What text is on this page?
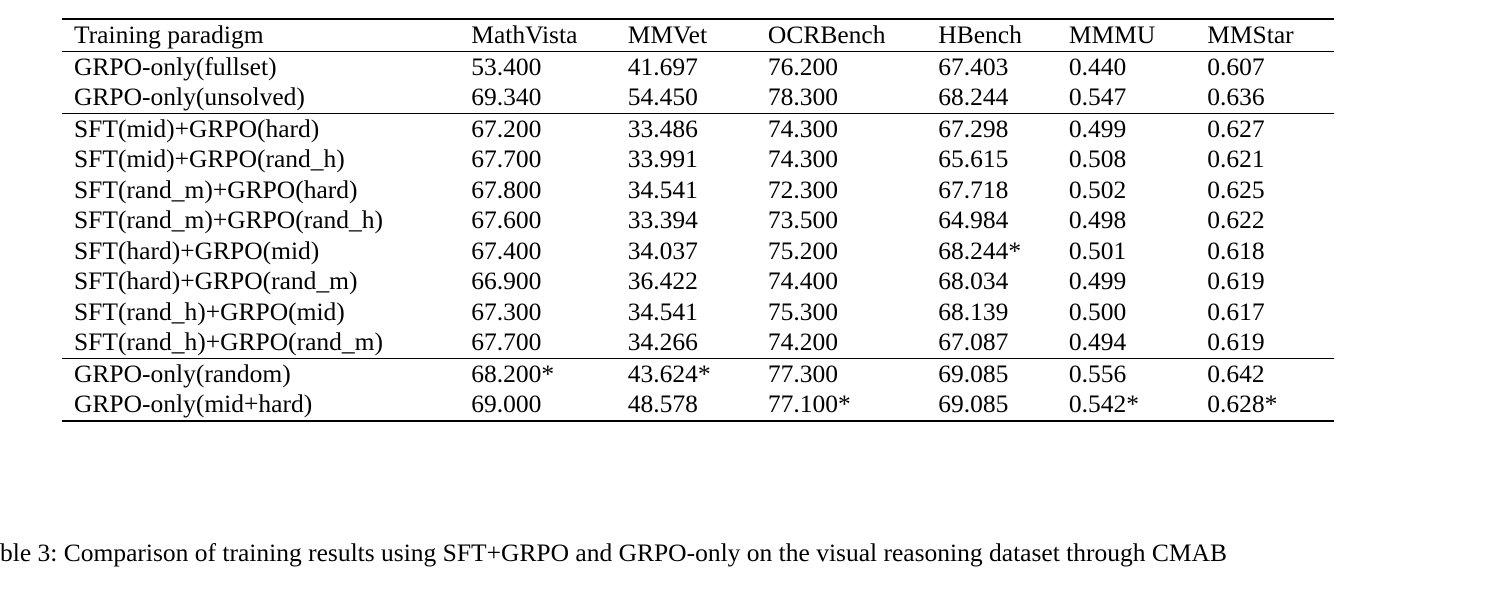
Training paradigm	MathVista	MMVet	OCRBench	HBench	MMMU	MMStar
GRPO-only(fullset)	53.400	41.697	76.200	67.403	0.440	0.607
GRPO-only(unsolved)	69.340	54.450	78.300	68.244	0.547	0.636
SFT(mid)+GRPO(hard)	67.200	33.486	74.300	67.298	0.499	0.627
SFT(mid)+GRPO(rand_h)	67.700	33.991	74.300	65.615	0.508	0.621
SFT(rand_m)+GRPO(hard)	67.800	34.541	72.300	67.718	0.502	0.625
SFT(rand_m)+GRPO(rand_h)	67.600	33.394	73.500	64.984	0.498	0.622
SFT(hard)+GRPO(mid)	67.400	34.037	75.200	68.244*	0.501	0.618
SFT(hard)+GRPO(rand_m)	66.900	36.422	74.400	68.034	0.499	0.619
SFT(rand_h)+GRPO(mid)	67.300	34.541	75.300	68.139	0.500	0.617
SFT(rand_h)+GRPO(rand_m)	67.700	34.266	74.200	67.087	0.494	0.619
GRPO-only(random)	68.200*	43.624*	77.300	69.085	0.556	0.642
GRPO-only(mid+hard)	69.000	48.578	77.100*	69.085	0.542*	0.628*
ble 3: Comparison of training results using SFT+GRPO and GRPO-only on the visual reasoning dataset through CMAB
